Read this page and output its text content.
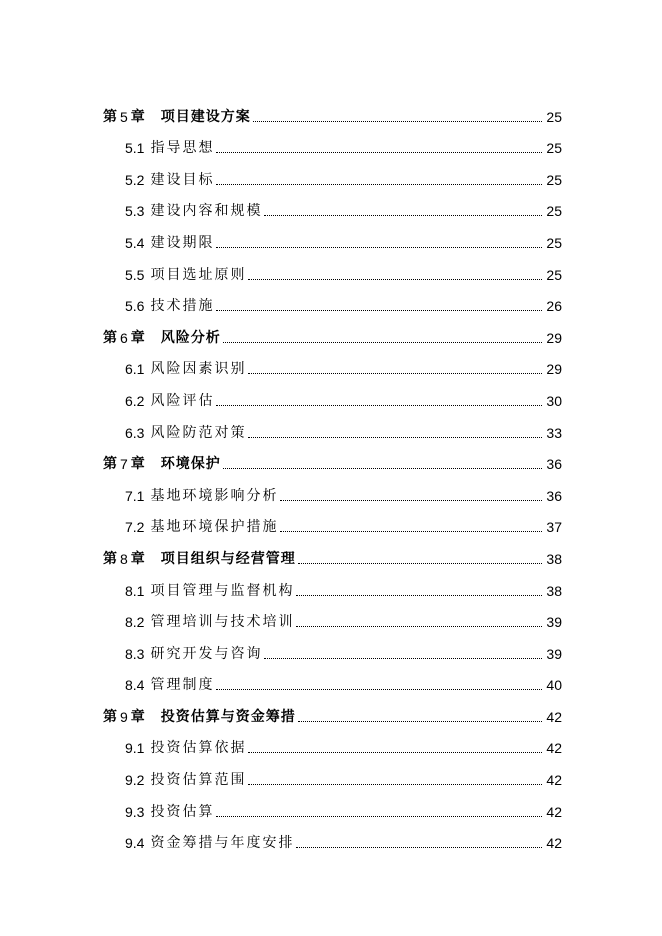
第 5 章 项目建设方案	25
5.1 指导思想	25
5.2 建设目标	25
5.3 建设内容和规模	25
5.4 建设期限	25
5.5 项目选址原则	25
5.6 技术措施	26
第 6 章 风险分析	29
6.1 风险因素识别	29
6.2 风险评估	30
6.3 风险防范对策	33
第 7 章 环境保护	36
7.1 基地环境影响分析	36
7.2 基地环境保护措施	37
第 8 章 项目组织与经营管理	38
8.1 项目管理与监督机构	38
8.2 管理培训与技术培训	39
8.3 研究开发与咨询	39
8.4 管理制度	40
第 9 章 投资估算与资金筹措	42
9.1 投资估算依据	42
9.2 投资估算范围	42
9.3 投资估算	42
9.4 资金筹措与年度安排	42
